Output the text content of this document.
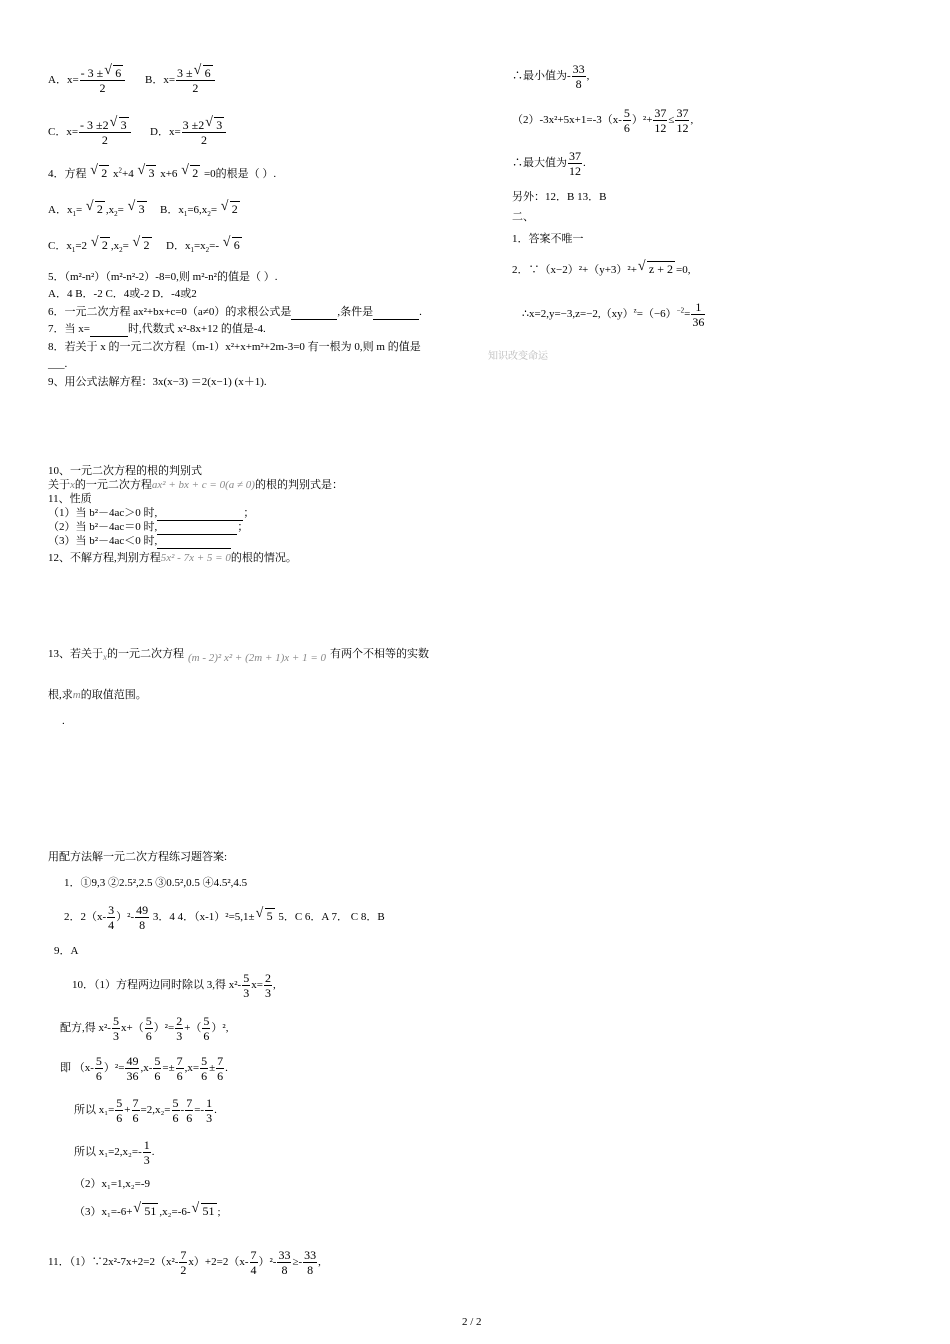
A．$x= \frac{- 3 \pm √ 6}{2}$ B．$x= \frac{3 \pm √ 6}{2}$
C．$x= \frac{- 3 \pm 2 √ 3}{2}$ D．$x= \frac{3 \pm 2 √ 3}{2}$
4．方程 √ 2 $x^2+4$ √ 3 x+6 √ 2 =0的根是（ ）.
A．$x_1=$ √ 2 $,x_2=$ √ 3 B．$x_1=6,x_2=$ √ 2
C．$x_1=2$ √ 2 $,x_2=$ √ 2 D．$x_1=x_2=-$ √ 6
5．（m²-n²）（m²-n²-2）-8=0,则 m²-n²的值是（ ）.
A．4 B．-2 C．4或-2 D．-4或2
6．一元二次方程 ax²+bx+c=0（a≠0）的求根公式是	,条件是	.
7．当 x=	时,代数式 x²-8x+12 的值是-4.
8．若关于 x 的一元二次方程（m-1）x²+x+m²+2m-3=0 有一根为 0,则 m 的值是
___.
9、用公式法解方程：3x(x−3) ＝2(x−1) (x＋1).
10、一元二次方程的根的判别式
关于x的一元二次方程ax² + bx + c = 0(a ≠ 0)的根的判别式是：
11、性质
（1）当 b²－4ac＞0 时,	；
（2）当 b²－4ac＝0 时,	；
（3）当 b²－4ac＜0 时,
12、不解方程,判别方程5x² - 7x + 5 = 0的根的情况。
13、若关于$_x$的一元二次方程 (m - 2)² x² + (2m + 1)x + 1 = 0 有两个不相等的实数
根,求m的取值范围。
.
用配方法解一元二次方程练习题答案:
1．①9,3 ②2.5²,2.5 ③0.5²,0.5 ④4.5²,4.5
2．$2(x- \frac{3}{4} )^2- \frac{49}{8} 3$．4 4．（x-1）²=5,1± √ 5 5．C 6．A 7． C 8．B
9．A
10．（1）方程两边同时除以 3,得 $x^2- \frac{5}{3} x= \frac{2}{3}$ ,
配方,得 $x^2- \frac{5}{3} x+( \frac{5}{6} )^2= \frac{2}{3}$ +（ $\frac{5}{6} )^2$,
即 $(x- \frac{5}{6} )^2= \frac{49}{36} ,x- \frac{5}{6} =\pm \frac{7}{6} ,x= \frac{5}{6} \pm \frac{7}{6}$ .
所以 $x_1= \frac{5}{6} + \frac{7}{6} =2,x_2= \frac{5}{6} - \frac{7}{6} =- \frac{1}{3}$ .
所以 $x_1=2,x_2=- \frac{1}{3}$ .
（2）x₁=1,x₂=-9
（3）x₁=-6+ √ 51 ,x₂=-6- √ 51 ;
11．（1）∵2x²-7x+2=2（x²- $\frac{7}{2} x)+2=2(x- \frac{7}{4} )^2- \frac{33}{8} \ge- \frac{33}{8}$ ,
∴最小值为- $\frac{33}{8}$ ,
$(2)-3x^2+5x+1=-3(x- \frac{5}{6} )^2+ \frac{37}{12} \le \frac{37}{12}$ ,
∴最大值为 $\frac{37}{12}$ .
另外：12．B 13．B
二、
1．答案不唯一
2．∵（x−2）²+（y+3）²+ √ z + 2 =0,
$\therefore x=2,y=-3,z=-2,(xy)^z=(-6)^{-2}= \frac{1}{36}$
知识改变命运
2 / 2
